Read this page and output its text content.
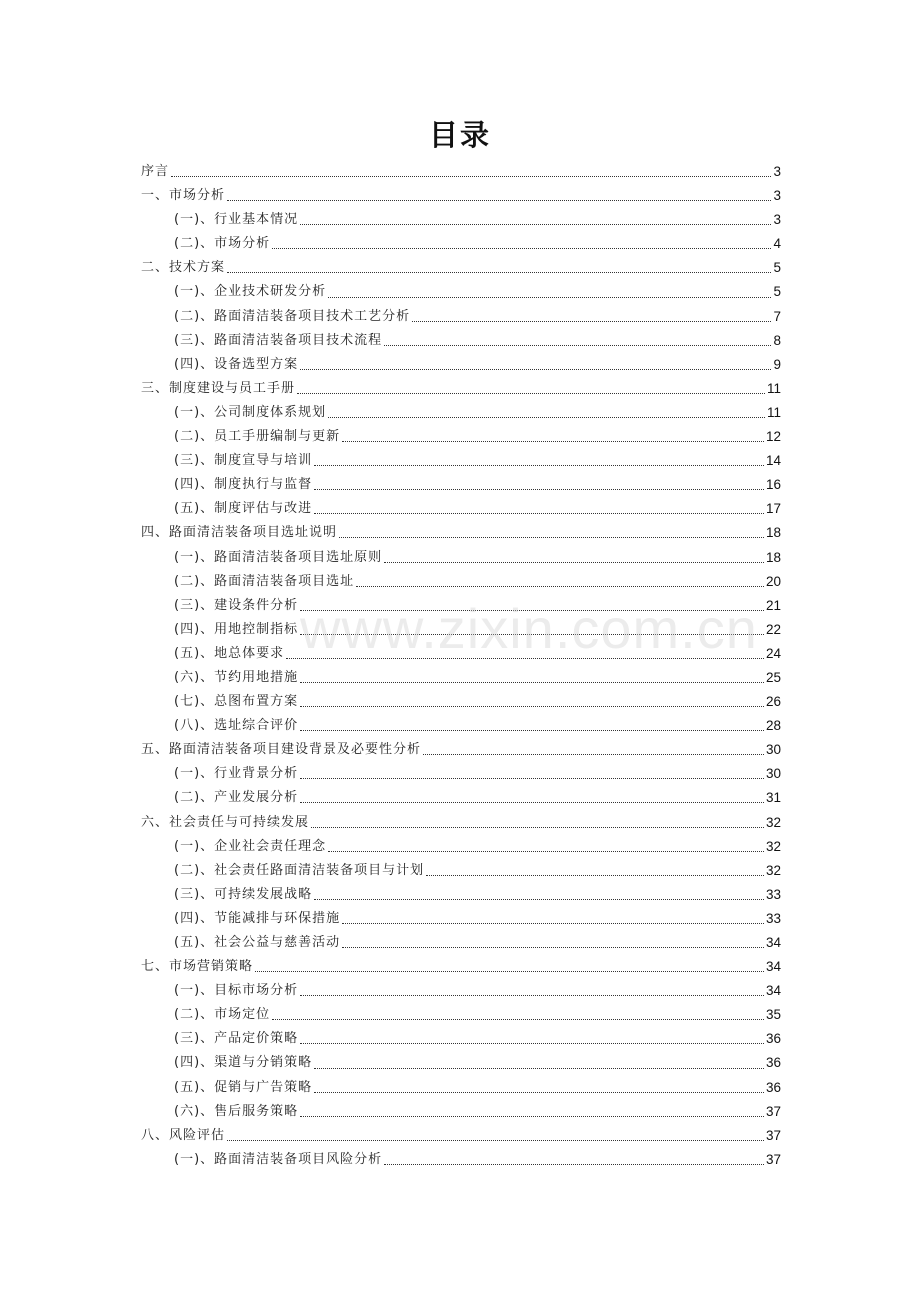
目录
序言	3
一、市场分析	3
(一)、行业基本情况	3
(二)、市场分析	4
二、技术方案	5
(一)、企业技术研发分析	5
(二)、路面清洁装备项目技术工艺分析	7
(三)、路面清洁装备项目技术流程	8
(四)、设备选型方案	9
三、制度建设与员工手册	11
(一)、公司制度体系规划	11
(二)、员工手册编制与更新	12
(三)、制度宣导与培训	14
(四)、制度执行与监督	16
(五)、制度评估与改进	17
四、路面清洁装备项目选址说明	18
(一)、路面清洁装备项目选址原则	18
(二)、路面清洁装备项目选址	20
(三)、建设条件分析	21
(四)、用地控制指标	22
(五)、地总体要求	24
(六)、节约用地措施	25
(七)、总图布置方案	26
(八)、选址综合评价	28
五、路面清洁装备项目建设背景及必要性分析	30
(一)、行业背景分析	30
(二)、产业发展分析	31
六、社会责任与可持续发展	32
(一)、企业社会责任理念	32
(二)、社会责任路面清洁装备项目与计划	32
(三)、可持续发展战略	33
(四)、节能减排与环保措施	33
(五)、社会公益与慈善活动	34
七、市场营销策略	34
(一)、目标市场分析	34
(二)、市场定位	35
(三)、产品定价策略	36
(四)、渠道与分销策略	36
(五)、促销与广告策略	36
(六)、售后服务策略	37
八、风险评估	37
(一)、路面清洁装备项目风险分析	37
www.zixin.com.cn
